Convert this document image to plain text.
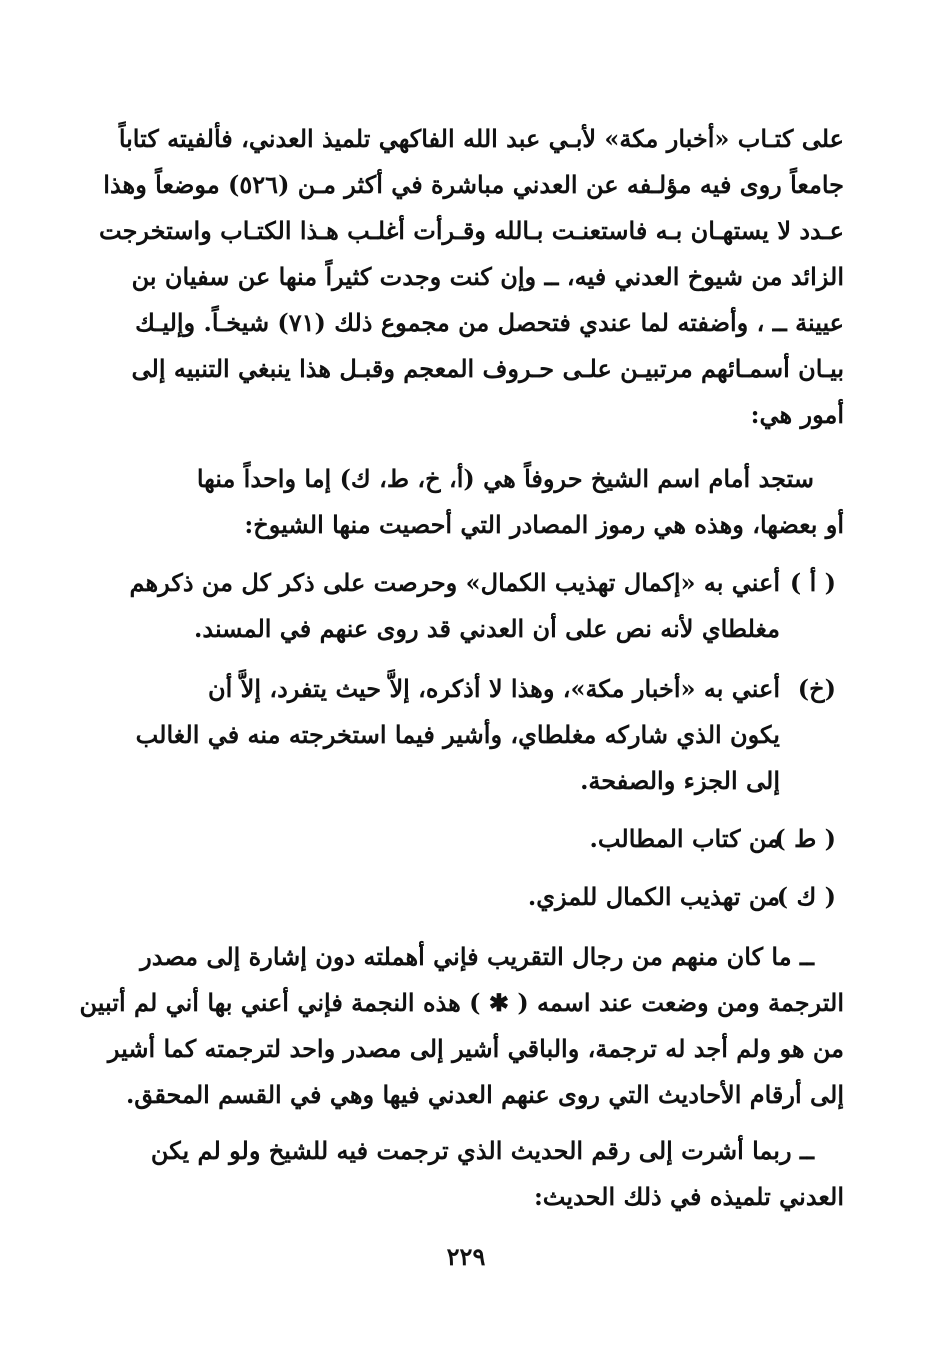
على كتـاب «أخبار مكة» لأبـي عبد الله الفاكهي تلميذ العدني، فألفيته كتاباً
جامعاً روى فيه مؤلـفه عن العدني مباشرة في أكثر مـن (٥٢٦) موضعاً وهذا
عـدد لا يستهـان بـه فاستعنـت بـالله وقـرأت أغلـب هـذا الكتـاب واستخرجت
الزائد من شيوخ العدني فيه، ــ وإن كنت وجدت كثيراً منها عن سفيان بن
عيينة ــ ، وأضفته لما عندي فتحصل من مجموع ذلك (٧١) شيخـاً. وإليـك
بيـان أسمـائهم مرتبيـن علـى حـروف المعجم وقبـل هذا ينبغي التنبيه إلى
أمور هي:
ستجد أمام اسم الشيخ حروفاً هي (أ، خ، ط، ك) إما واحداً منها
أو بعضها، وهذه هي رموز المصادر التي أحصيت منها الشيوخ:
( أ )
أعني به «إكمال تهذيب الكمال» وحرصت على ذكر كل من ذكرهم
مغلطاي لأنه نص على أن العدني قد روى عنهم في المسند.
(خ)
أعني به «أخبار مكة»، وهذا لا أذكره، إلاَّ حيث يتفرد، إلاَّ أن
يكون الذي شاركه مغلطاي، وأشير فيما استخرجته منه في الغالب
إلى الجزء والصفحة.
( ط )
من كتاب المطالب.
( ك )
من تهذيب الكمال للمزي.
ــ ما كان منهم من رجال التقريب فإني أهملته دون إشارة إلى مصدر
الترجمة ومن وضعت عند اسمه ( ✱ ) هذه النجمة فإني أعني بها أني لم أتبين
من هو ولم أجد له ترجمة، والباقي أشير إلى مصدر واحد لترجمته كما أشير
إلى أرقام الأحاديث التي روى عنهم العدني فيها وهي في القسم المحقق.
ــ ربما أشرت إلى رقم الحديث الذي ترجمت فيه للشيخ ولو لم يكن
العدني تلميذه في ذلك الحديث:
٢٢٩
